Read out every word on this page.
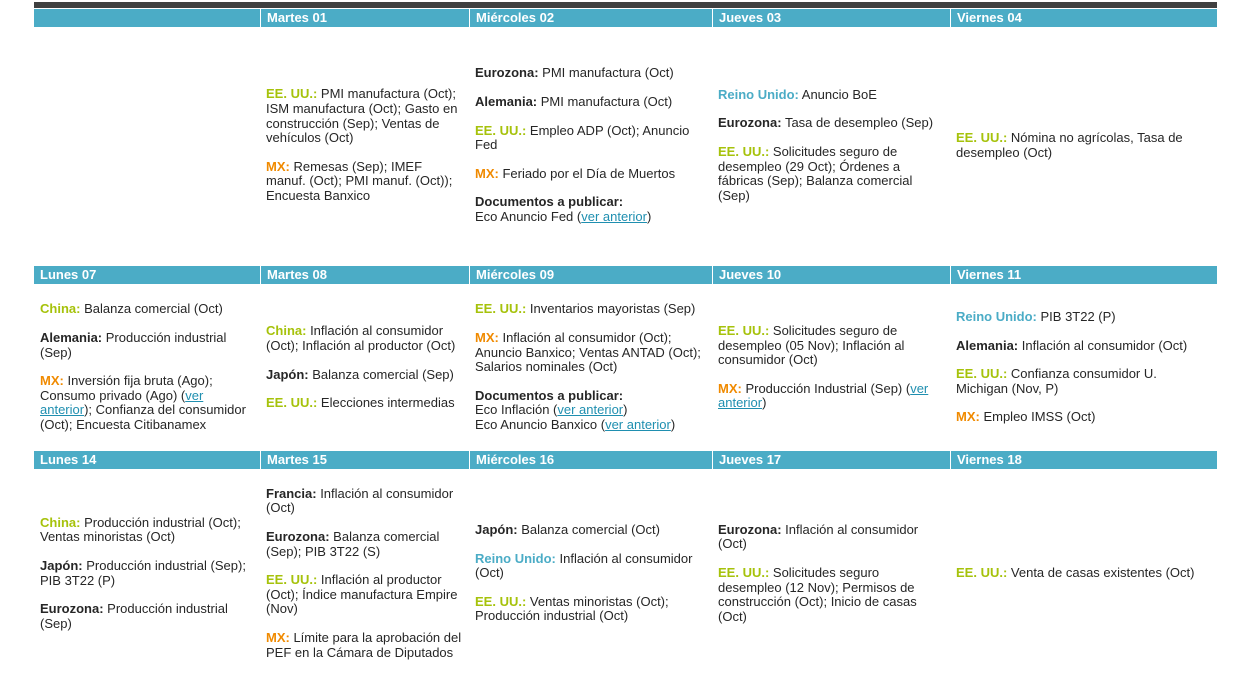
Martes 01
EE. UU.: PMI manufactura (Oct); ISM manufactura (Oct); Gasto en construcción (Sep); Ventas de vehículos (Oct)
MX: Remesas (Sep); IMEF manuf. (Oct); PMI manuf. (Oct)); Encuesta Banxico
Miércoles 02
Eurozona: PMI manufactura (Oct)
Alemania: PMI manufactura (Oct)
EE. UU.: Empleo ADP (Oct); Anuncio Fed
MX: Feriado por el Día de Muertos
Documentos a publicar:
Eco Anuncio Fed (ver anterior)
Jueves 03
Reino Unido: Anuncio BoE
Eurozona: Tasa de desempleo (Sep)
EE. UU.: Solicitudes seguro de desempleo (29 Oct); Órdenes a fábricas (Sep); Balanza comercial (Sep)
Viernes 04
EE. UU.: Nómina no agrícolas, Tasa de desempleo (Oct)
Lunes 07
China: Balanza comercial (Oct)
Alemania: Producción industrial (Sep)
MX: Inversión fija bruta (Ago); Consumo privado (Ago) (ver anterior); Confianza del consumidor (Oct); Encuesta Citibanamex
Martes 08
China: Inflación al consumidor (Oct); Inflación al productor (Oct)
Japón: Balanza comercial (Sep)
EE. UU.: Elecciones intermedias
Miércoles 09
EE. UU.: Inventarios mayoristas (Sep)
MX: Inflación al consumidor (Oct); Anuncio Banxico; Ventas ANTAD (Oct); Salarios nominales (Oct)
Documentos a publicar:
Eco Inflación (ver anterior)
Eco Anuncio Banxico (ver anterior)
Jueves 10
EE. UU.: Solicitudes seguro de desempleo (05 Nov); Inflación al consumidor (Oct)
MX: Producción Industrial (Sep) (ver anterior)
Viernes 11
Reino Unido: PIB 3T22 (P)
Alemania: Inflación al consumidor (Oct)
EE. UU.: Confianza consumidor U. Michigan (Nov, P)
MX: Empleo IMSS (Oct)
Lunes 14
China: Producción industrial (Oct); Ventas minoristas (Oct)
Japón: Producción industrial (Sep); PIB 3T22 (P)
Eurozona: Producción industrial (Sep)
Martes 15
Francia: Inflación al consumidor (Oct)
Eurozona: Balanza comercial (Sep); PIB 3T22 (S)
EE. UU.: Inflación al productor (Oct); Índice manufactura Empire (Nov)
MX: Límite para la aprobación del PEF en la Cámara de Diputados
Miércoles 16
Japón: Balanza comercial (Oct)
Reino Unido: Inflación al consumidor (Oct)
EE. UU.: Ventas minoristas (Oct); Producción industrial (Oct)
Jueves 17
Eurozona: Inflación al consumidor (Oct)
EE. UU.: Solicitudes seguro desempleo (12 Nov); Permisos de construcción (Oct); Inicio de casas (Oct)
Viernes 18
EE. UU.: Venta de casas existentes (Oct)
